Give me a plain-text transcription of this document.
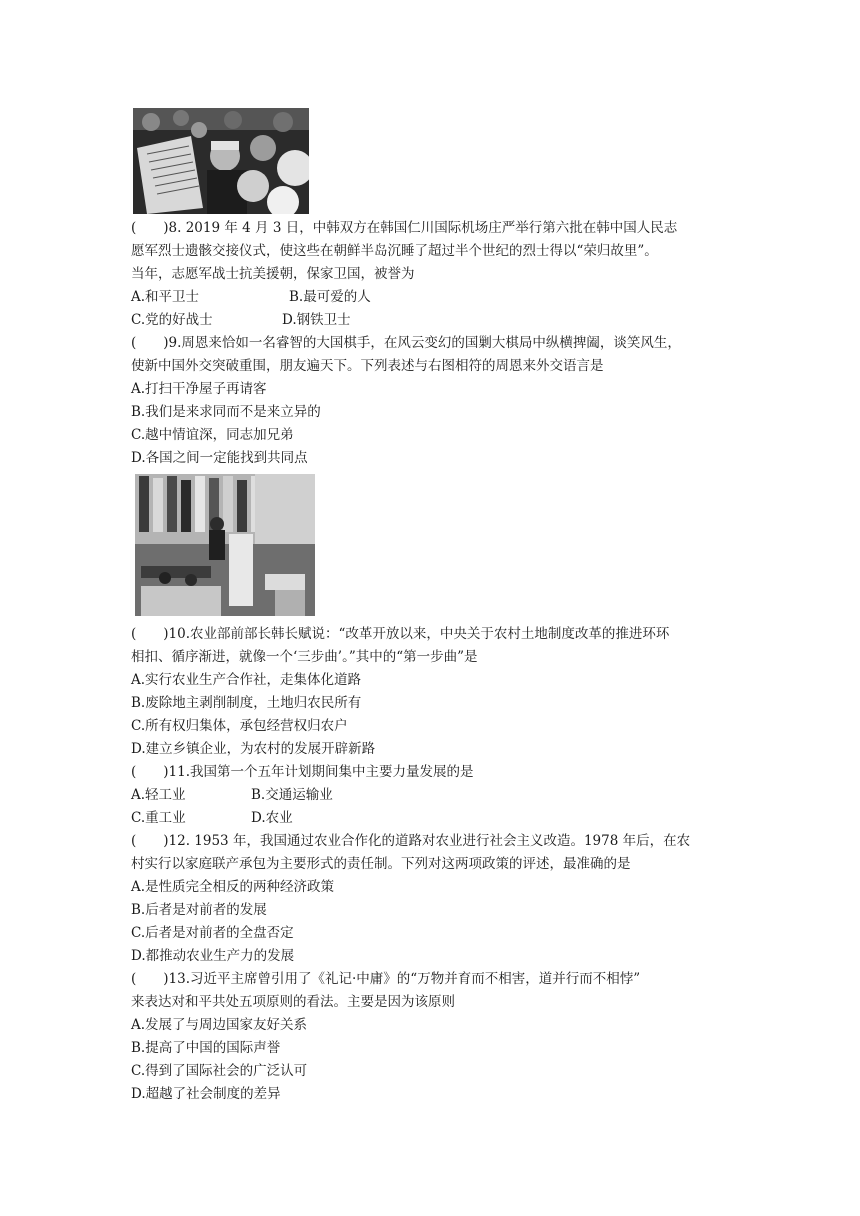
(　　)8. 2019 年 4 月 3 日，中韩双方在韩国仁川国际机场庄严举行第六批在韩中国人民志
愿军烈士遗骸交接仪式，使这些在朝鲜半岛沉睡了超过半个世纪的烈士得以“荣归故里”。
当年，志愿军战士抗美援朝，保家卫国，被誉为
A.和平卫士	B.最可爱的人
C.党的好战士	D.钢铁卫士
(　　)9.周恩来恰如一名睿智的大国棋手，在风云变幻的国剿大棋局中纵横捭阖，谈笑风生，
使新中国外交突破重围，朋友遍天下。下列表述与右图相符的周恩来外交语言是
A.打扫干净屋子再请客
B.我们是来求同而不是来立异的
C.越中情谊深，同志加兄弟
D.各国之间一定能找到共同点
(　　)10.农业部前部长韩长赋说：“改革开放以来，中央关于农村土地制度改革的推进环环
相扣、循序渐进，就像一个‘三步曲’。”其中的“第一步曲”是
A.实行农业生产合作社，走集体化道路
B.废除地主剥削制度，土地归农民所有
C.所有权归集体，承包经营权归农户
D.建立乡镇企业，为农村的发展开辟新路
(　　)11.我国第一个五年计划期间集中主要力量发展的是
A.轻工业	B.交通运输业
C.重工业	D.农业
(　　)12. 1953 年，我国通过农业合作化的道路对农业进行社会主义改造。1978 年后，在农
村实行以家庭联产承包为主要形式的责任制。下列对这两项政策的评述，最准确的是
A.是性质完全相反的两种经济政策
B.后者是对前者的发展
C.后者是对前者的全盘否定
D.都推动农业生产力的发展
(　　)13.习近平主席曾引用了《礼记·中庸》的“万物并育而不相害，道并行而不相悖”
来表达对和平共处五项原则的看法。主要是因为该原则
A.发展了与周边国家友好关系
B.提高了中国的国际声誉
C.得到了国际社会的广泛认可
D.超越了社会制度的差异
